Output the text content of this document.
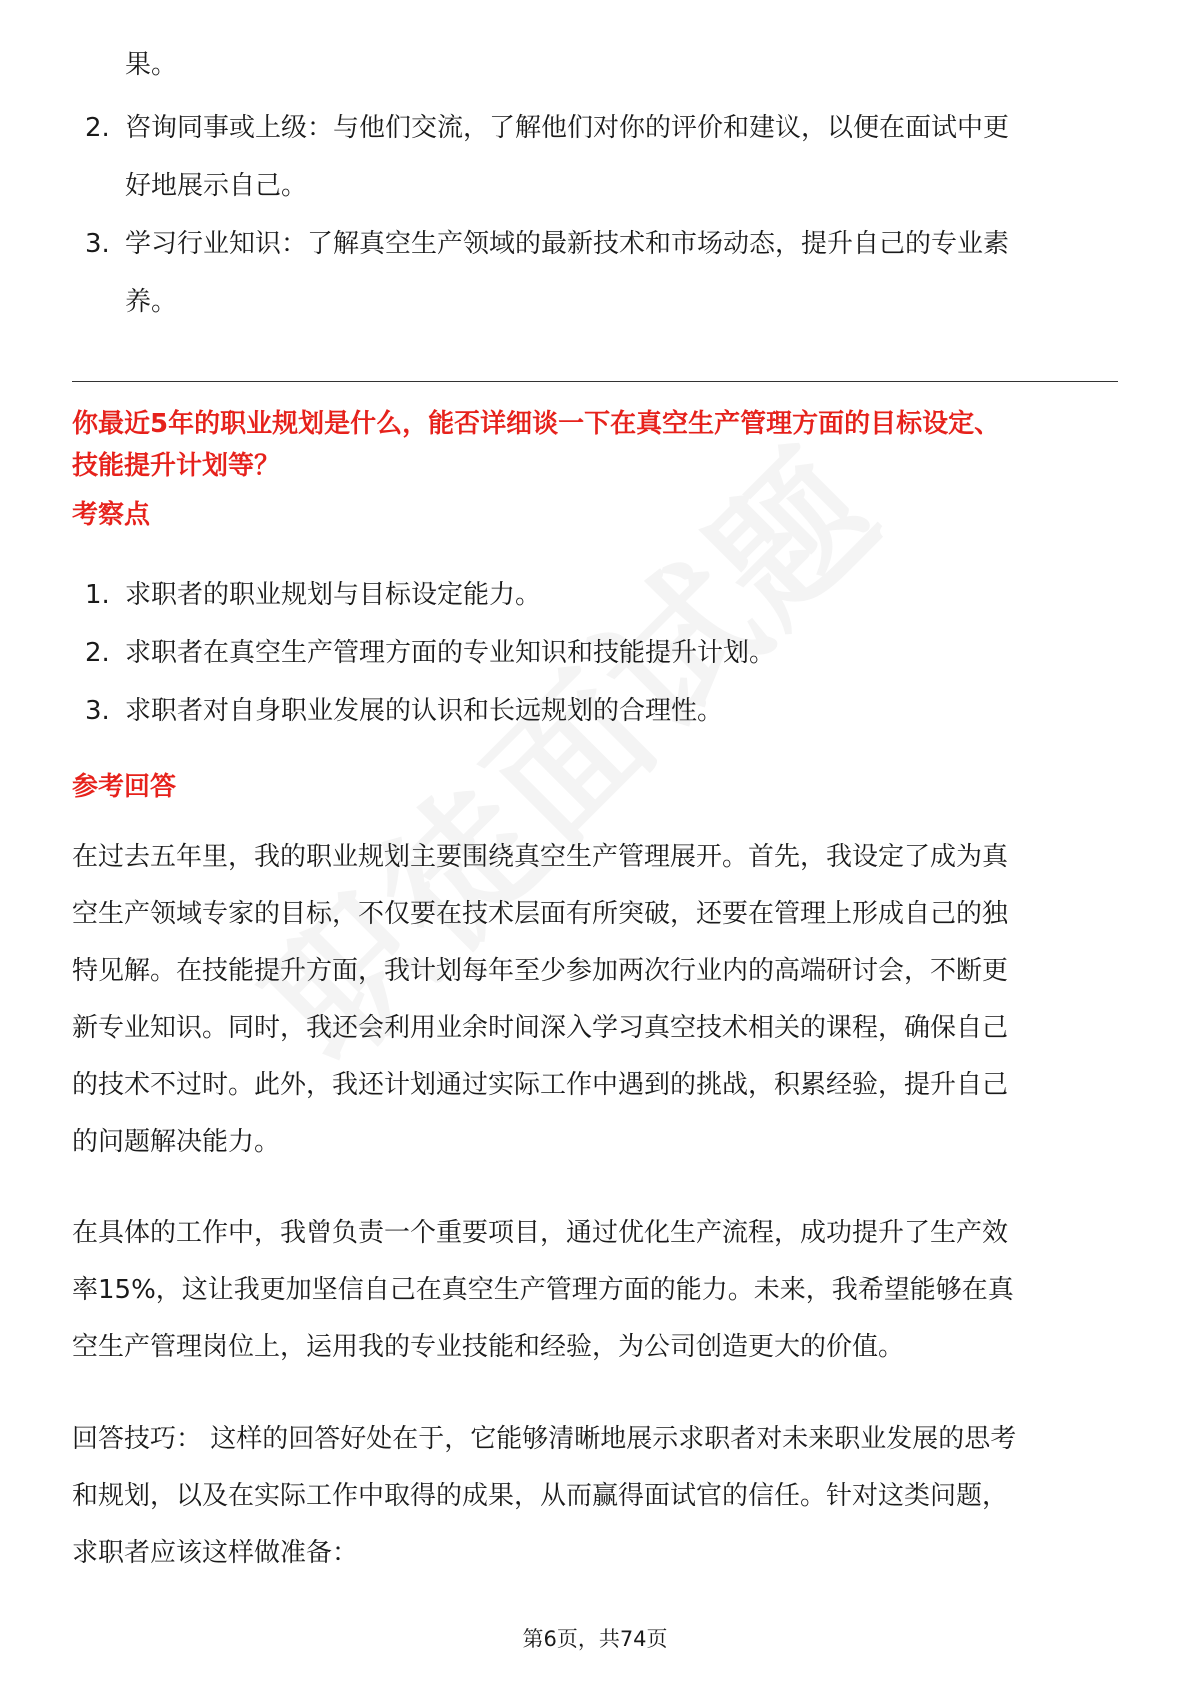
果。
2. 咨询同事或上级：与他们交流，了解他们对你的评价和建议，以便在面试中更
好地展示自己。
3. 学习行业知识：了解真空生产领域的最新技术和市场动态，提升自己的专业素
养。
你最近5年的职业规划是什么，能否详细谈一下在真空生产管理方面的目标设定、
技能提升计划等？
考察点
1. 求职者的职业规划与目标设定能力。
2. 求职者在真空生产管理方面的专业知识和技能提升计划。
3. 求职者对自身职业发展的认识和长远规划的合理性。
参考回答
在过去五年里，我的职业规划主要围绕真空生产管理展开。首先，我设定了成为真
空生产领域专家的目标，不仅要在技术层面有所突破，还要在管理上形成自己的独
特见解。在技能提升方面，我计划每年至少参加两次行业内的高端研讨会，不断更
新专业知识。同时，我还会利用业余时间深入学习真空技术相关的课程，确保自己
的技术不过时。此外，我还计划通过实际工作中遇到的挑战，积累经验，提升自己
的问题解决能力。
在具体的工作中，我曾负责一个重要项目，通过优化生产流程，成功提升了生产效
率15%，这让我更加坚信自己在真空生产管理方面的能力。未来，我希望能够在真
空生产管理岗位上，运用我的专业技能和经验，为公司创造更大的价值。
回答技巧： 这样的回答好处在于，它能够清晰地展示求职者对未来职业发展的思考
和规划，以及在实际工作中取得的成果，从而赢得面试官的信任。针对这类问题，
求职者应该这样做准备：
第6页，共74页
